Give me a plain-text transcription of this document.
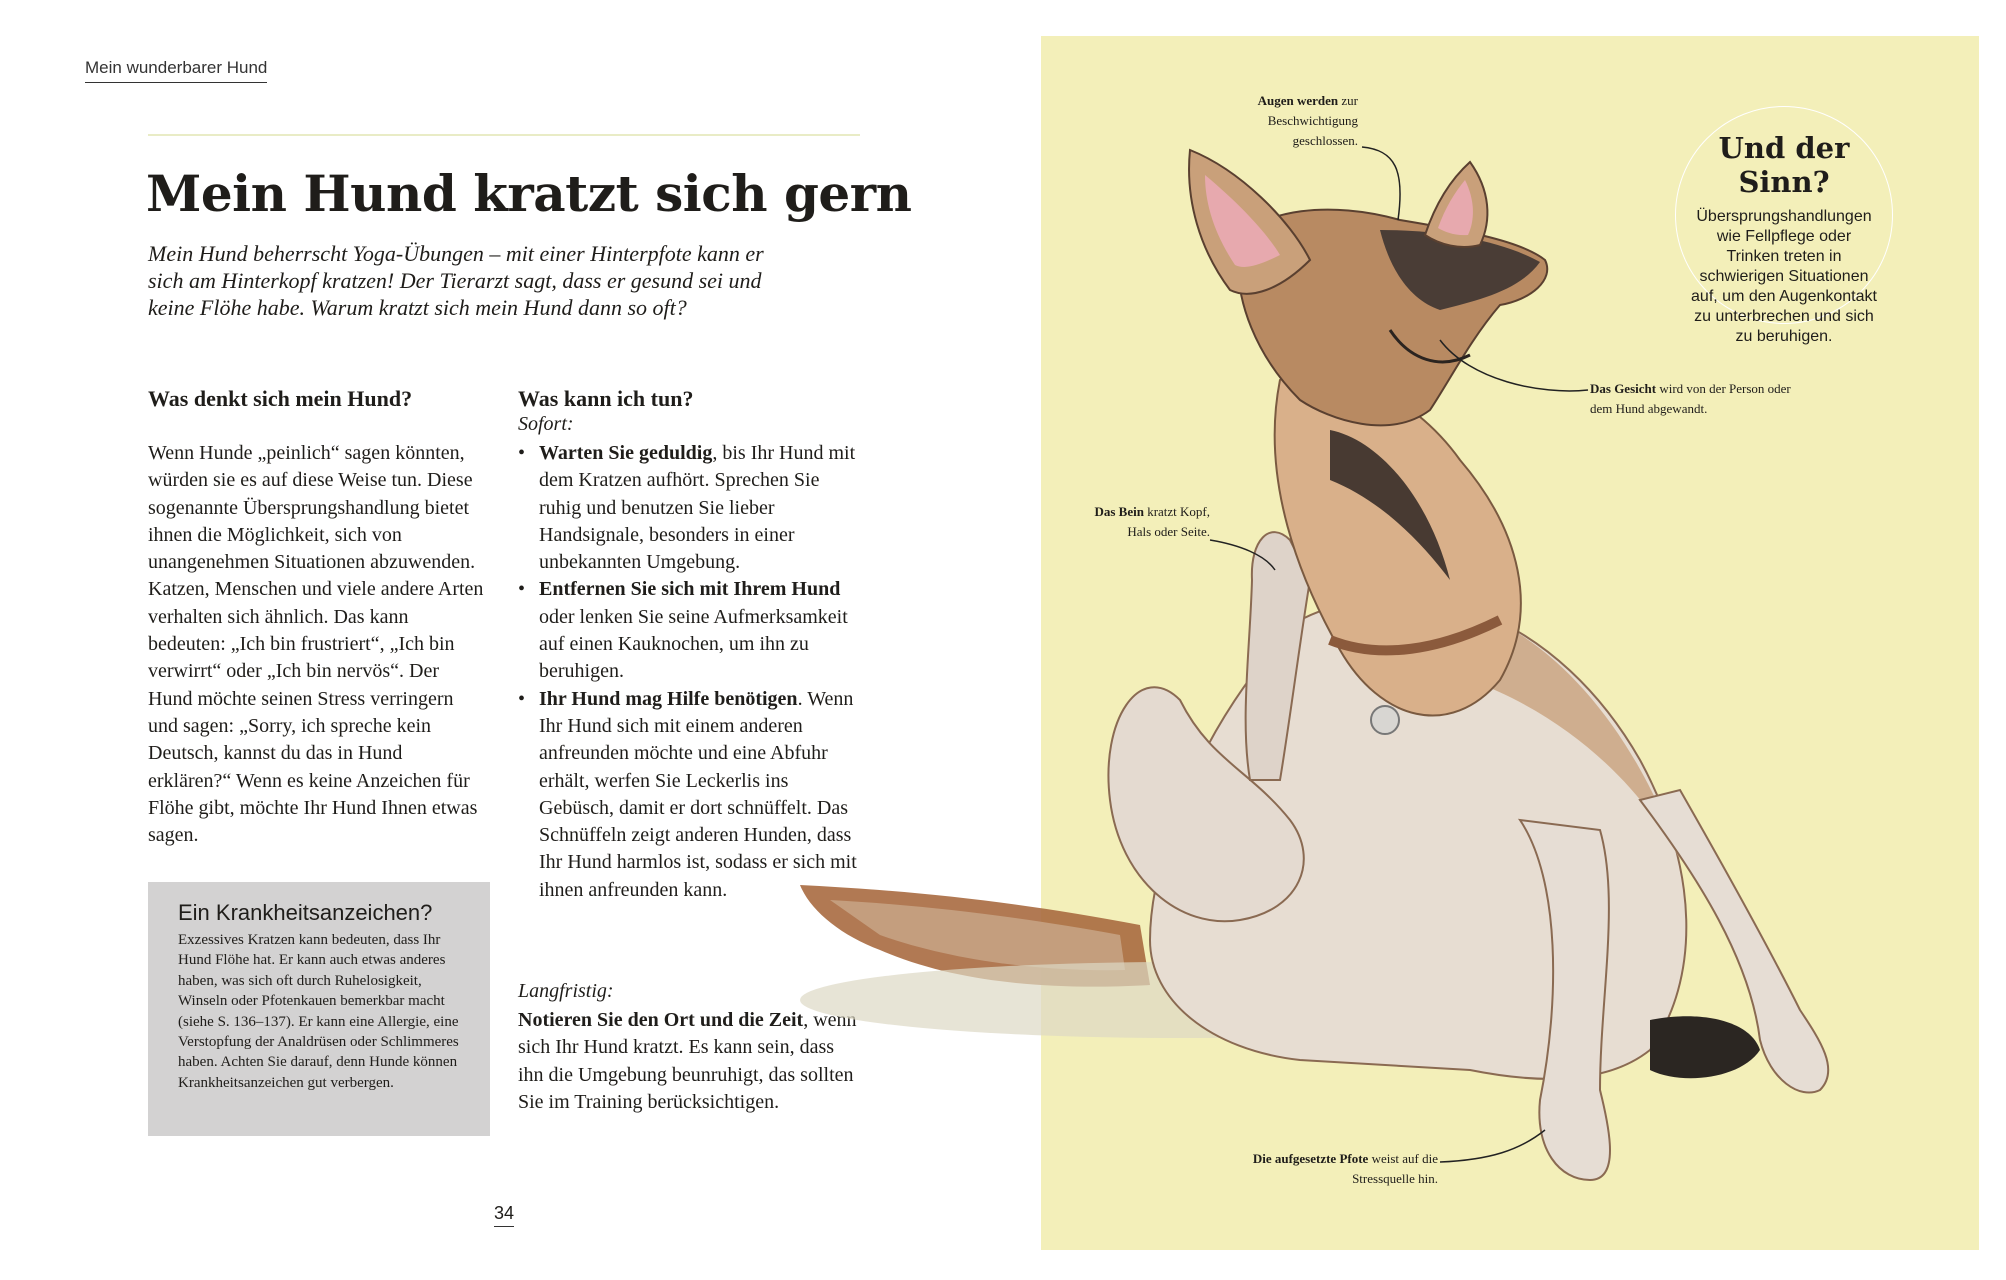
Mein wunderbarer Hund
Mein Hund kratzt sich gern
Mein Hund beherrscht Yoga-Übungen – mit einer Hinterpfote kann er sich am Hinterkopf kratzen! Der Tierarzt sagt, dass er gesund sei und keine Flöhe habe. Warum kratzt sich mein Hund dann so oft?
Was denkt sich mein Hund?
Wenn Hunde „peinlich“ sagen könnten, würden sie es auf diese Weise tun. Diese sogenannte Übersprungshandlung bietet ihnen die Möglichkeit, sich von unangenehmen Situationen abzuwenden. Katzen, Menschen und viele andere Arten verhalten sich ähnlich. Das kann bedeuten: „Ich bin frustriert“, „Ich bin verwirrt“ oder „Ich bin nervös“. Der Hund möchte seinen Stress verringern und sagen: „Sorry, ich spreche kein Deutsch, kannst du das in Hund erklären?“ Wenn es keine Anzeichen für Flöhe gibt, möchte Ihr Hund Ihnen etwas sagen.
Was kann ich tun?
Sofort:
• Warten Sie geduldig, bis Ihr Hund mit dem Kratzen aufhört. Sprechen Sie ruhig und benutzen Sie lieber Handsignale, besonders in einer unbekannten Umgebung.
• Entfernen Sie sich mit Ihrem Hund oder lenken Sie seine Aufmerksamkeit auf einen Kauknochen, um ihn zu beruhigen.
• Ihr Hund mag Hilfe benötigen. Wenn Ihr Hund sich mit einem anderen anfreunden möchte und eine Abfuhr erhält, werfen Sie Leckerlis ins Gebüsch, damit er dort schnüffelt. Das Schnüffeln zeigt anderen Hunden, dass Ihr Hund harmlos ist, sodass er sich mit ihnen anfreunden kann.
Langfristig:
Notieren Sie den Ort und die Zeit, wenn sich Ihr Hund kratzt. Es kann sein, dass ihn die Umgebung beunruhigt, das sollten Sie im Training berücksichtigen.
Ein Krankheitsanzeichen?
Exzessives Kratzen kann bedeuten, dass Ihr Hund Flöhe hat. Er kann auch etwas anderes haben, was sich oft durch Ruhelosigkeit, Winseln oder Pfotenkauen bemerkbar macht (siehe S. 136–137). Er kann eine Allergie, eine Verstopfung der Analdrüsen oder Schlimmeres haben. Achten Sie darauf, denn Hunde können Krankheitsanzeichen gut verbergen.
34
Und der
Sinn?
Übersprungshandlungen wie Fellpflege oder Trinken treten in schwierigen Situationen auf, um den Augenkontakt zu unterbrechen und sich zu beruhigen.
Augen werden zur Beschwichtigung geschlossen.
Das Gesicht wird von der Person oder dem Hund abgewandt.
Das Bein kratzt Kopf, Hals oder Seite.
Die aufgesetzte Pfote weist auf die Stressquelle hin.
